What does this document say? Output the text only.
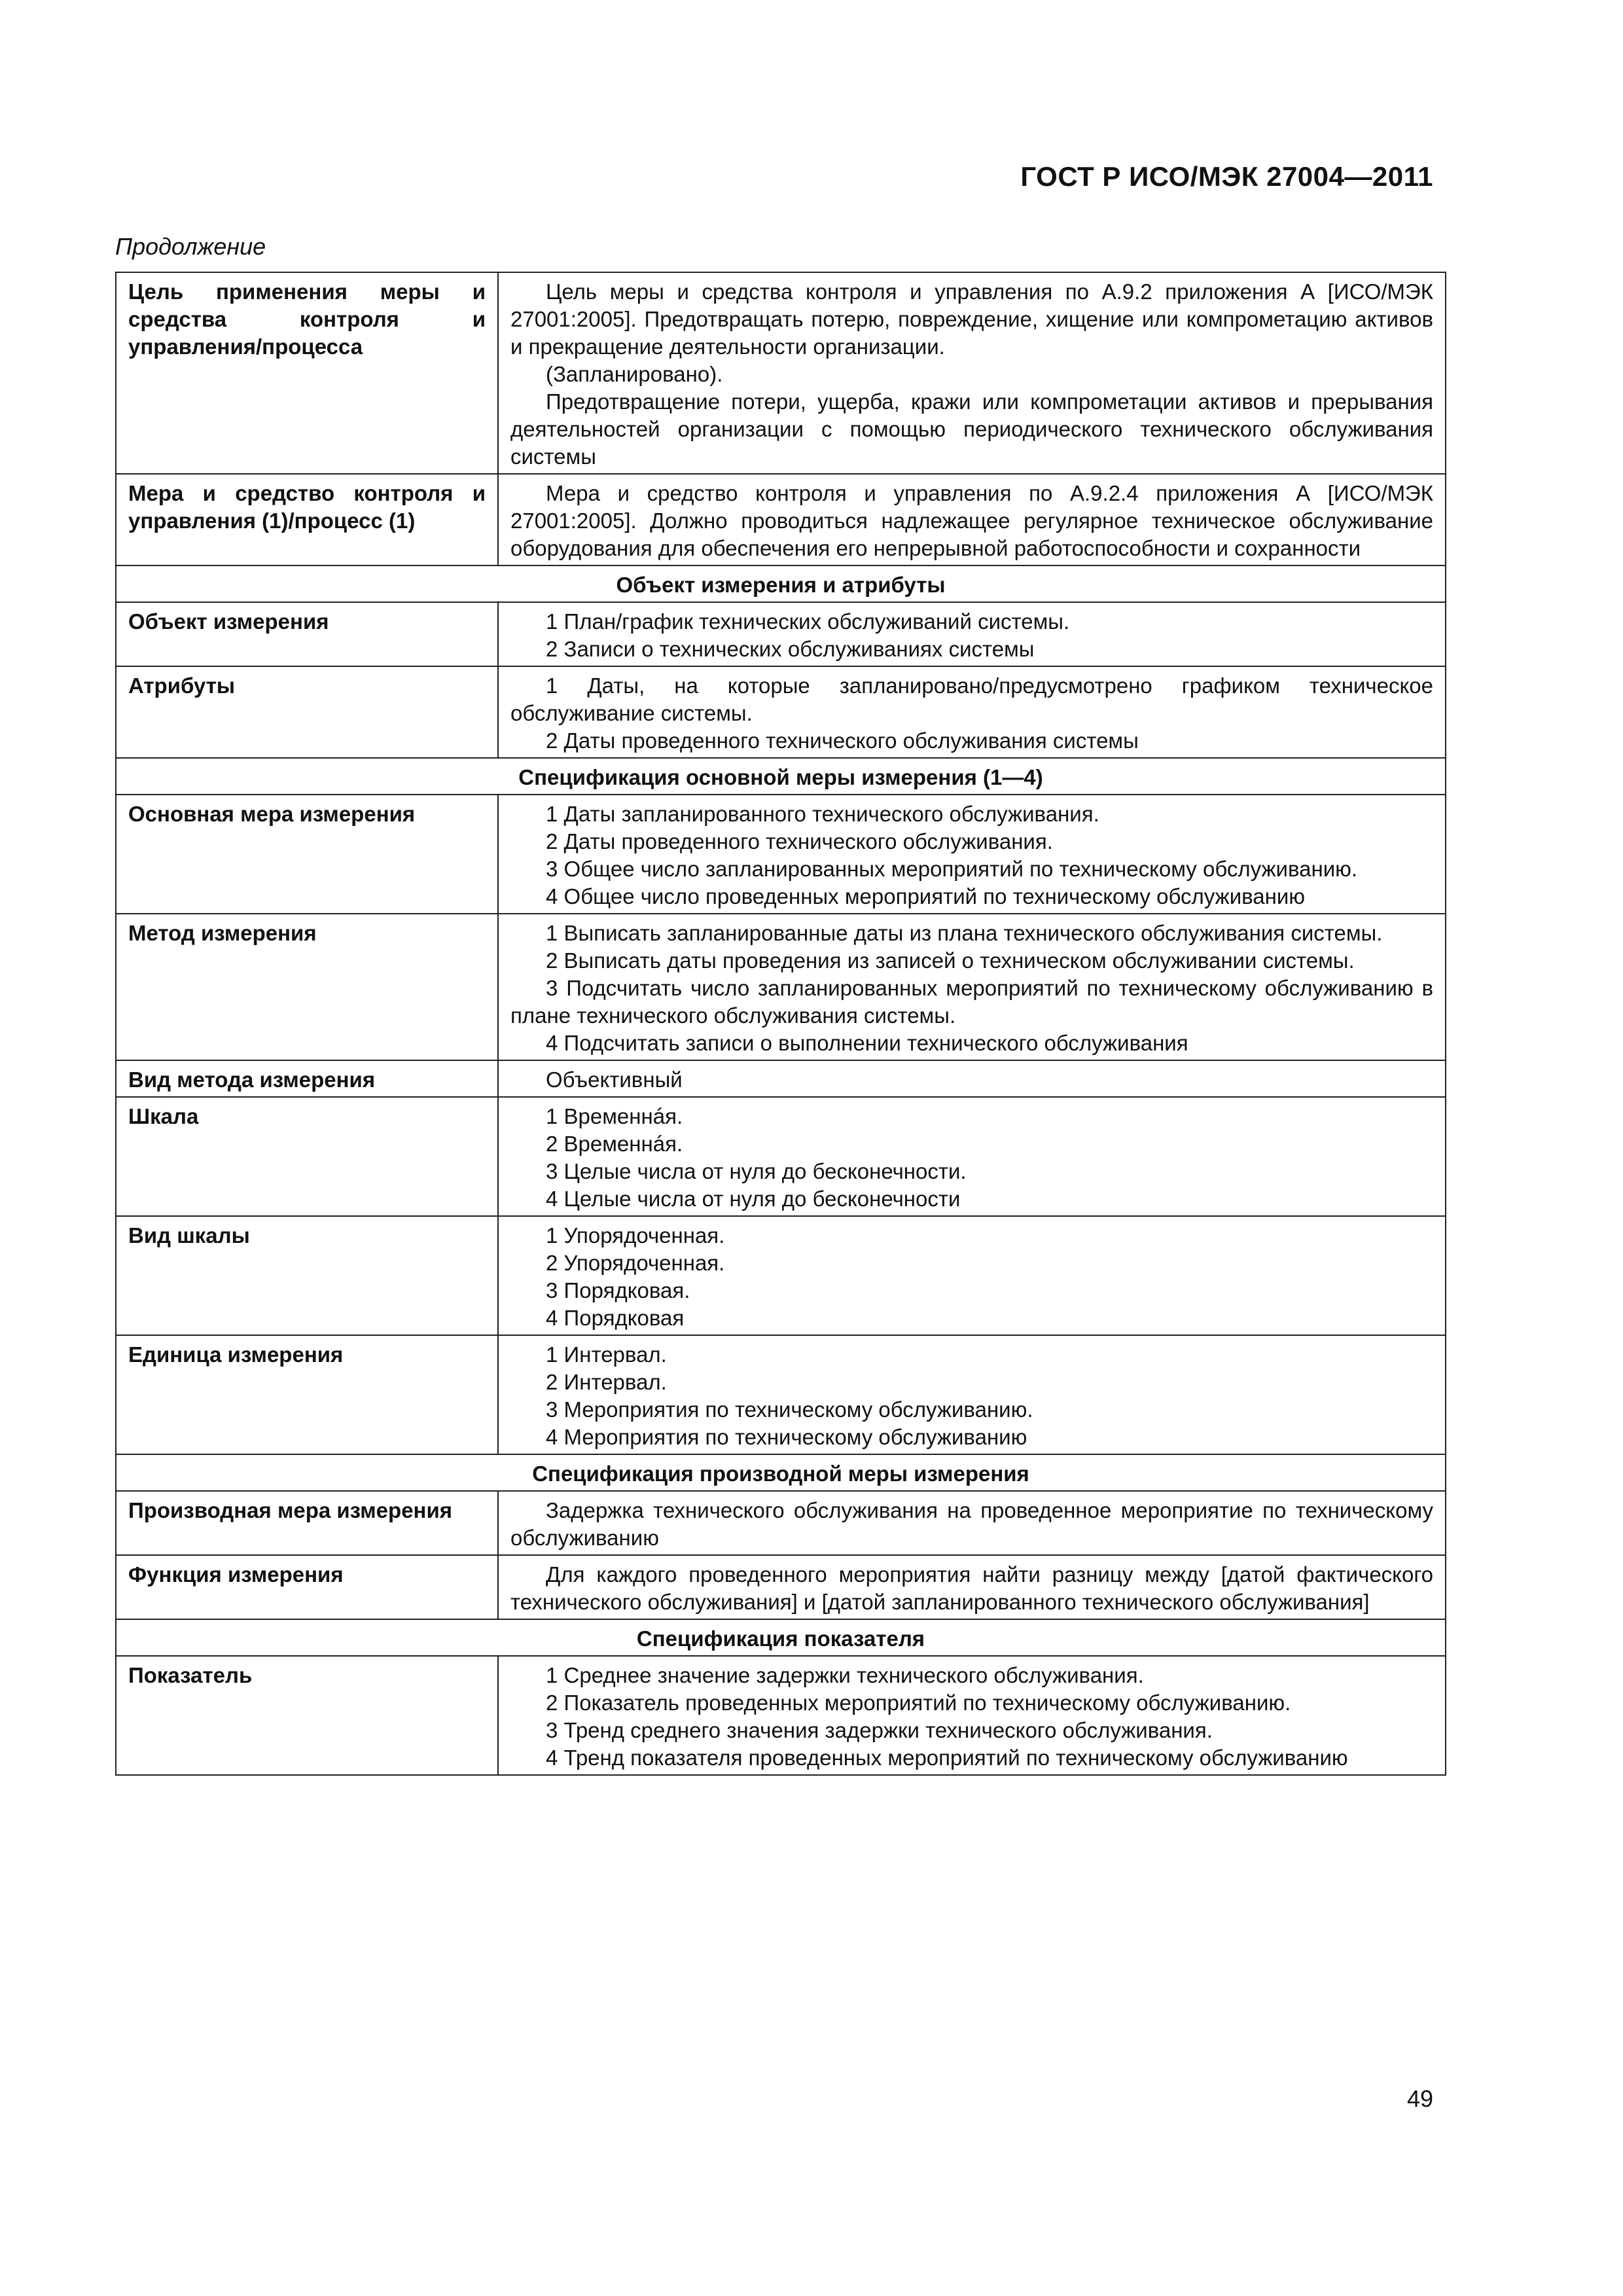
ГОСТ Р ИСО/МЭК 27004—2011
Продолжение
Цель применения меры и средства контроля и управления/процесса	Цель меры и средства контроля и управления по А.9.2 приложения А [ИСО/МЭК 27001:2005]. Предотвращать потерю, повреждение, хищение или компрометацию активов и прекращение деятельности организации.

(Запланировано).

Предотвращение потери, ущерба, кражи или компрометации активов и прерывания деятельностей организации с помощью периодического технического обслуживания системы

Мера и средство контроля и управления (1)/процесс (1)	Мера и средство контроля и управления по А.9.2.4 приложения А [ИСО/МЭК 27001:2005]. Должно проводиться надлежащее регулярное техническое обслуживание оборудования для обеспечения его непрерывной работоспособности и сохранности

Объект измерения и атрибуты	
Объект измерения	1 План/график технических обслуживаний системы.

2 Записи о технических обслуживаниях системы

Атрибуты	1 Даты, на которые запланировано/предусмотрено графиком техническое обслуживание системы.

2 Даты проведенного технического обслуживания системы

Спецификация основной меры измерения (1—4)	
Основная мера измерения	1 Даты запланированного технического обслуживания.

2 Даты проведенного технического обслуживания.

3 Общее число запланированных мероприятий по техническому обслуживанию.

4 Общее число проведенных мероприятий по техническому обслуживанию

Метод измерения	1 Выписать запланированные даты из плана технического обслуживания системы.

2 Выписать даты проведения из записей о техническом обслуживании системы.

3 Подсчитать число запланированных мероприятий по техническому обслуживанию в плане технического обслуживания системы.

4 Подсчитать записи о выполнении технического обслуживания

Вид метода измерения	Объективный

Шкала	1 Временнáя.

2 Временнáя.

3 Целые числа от нуля до бесконечности.

4 Целые числа от нуля до бесконечности

Вид шкалы	1 Упорядоченная.

2 Упорядоченная.

3 Порядковая.

4 Порядковая

Единица измерения	1 Интервал.

2 Интервал.

3 Мероприятия по техническому обслуживанию.

4 Мероприятия по техническому обслуживанию

Спецификация производной меры измерения	
Производная мера измерения	Задержка технического обслуживания на проведенное мероприятие по техническому обслуживанию

Функция измерения	Для каждого проведенного мероприятия найти разницу между [датой фактического технического обслуживания] и [датой запланированного технического обслуживания]

Спецификация показателя	
Показатель	1 Среднее значение задержки технического обслуживания.

2 Показатель проведенных мероприятий по техническому обслуживанию.

3 Тренд среднего значения задержки технического обслуживания.

4 Тренд показателя проведенных мероприятий по техническому обслуживанию

49
